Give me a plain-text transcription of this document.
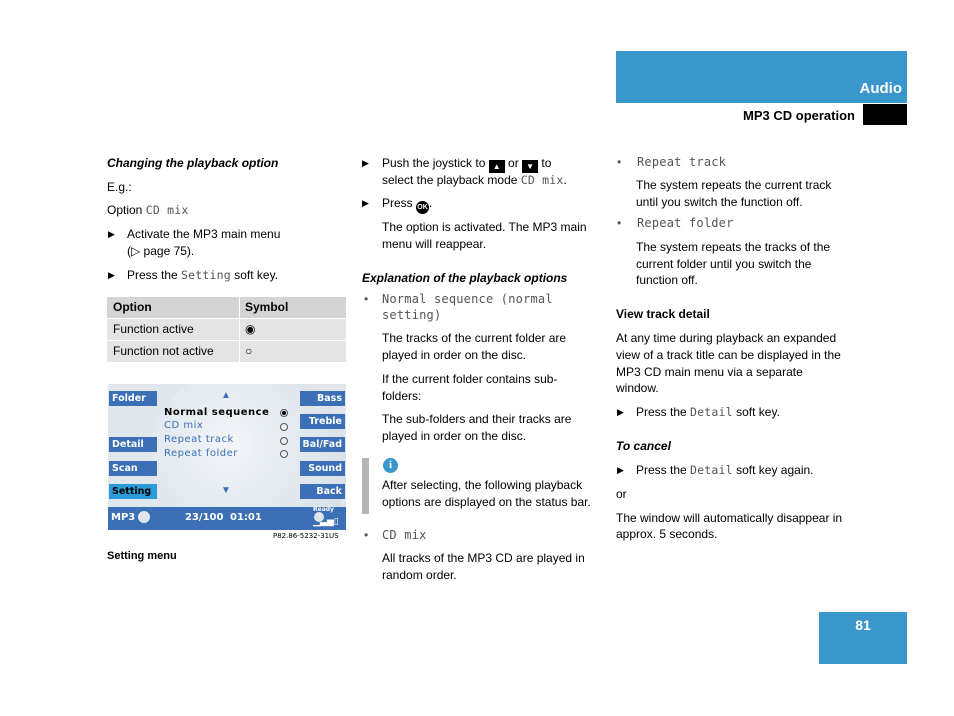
Audio
MP3 CD operation
Changing the playback option
E.g.:
Option CD mix
▶ Activate the MP3 main menu
(▷ page 75).
▶ Press the Setting soft key.
Option	Symbol
Function active	◉
Function not active	○
Folder
Detail
Scan
Setting
Bass
Treble
Bal/Fad
Sound
Back
▲
▼
Normal sequence
CD mix
Repeat track
Repeat folder
MP3	23/100 01:01
Ready
▁▃▅▯
P82.86-5232-31US
Setting menu
▶ Push the joystick to ▲ or ▼ to
select the playback mode CD mix.
▶ Press OK.
The option is activated. The MP3 main
menu will reappear.
Explanation of the playback options
• Normal sequence (normal
setting)
The tracks of the current folder are
played in order on the disc.
If the current folder contains sub-
folders:
The sub-folders and their tracks are
played in order on the disc.
i
After selecting, the following playback
options are displayed on the status bar.
• CD mix
All tracks of the MP3 CD are played in
random order.
• Repeat track
The system repeats the current track
until you switch the function off.
• Repeat folder
The system repeats the tracks of the
current folder until you switch the
function off.
View track detail
At any time during playback an expanded
view of a track title can be displayed in the
MP3 CD main menu via a separate
window.
▶ Press the Detail soft key.
To cancel
▶ Press the Detail soft key again.
or
The window will automatically disappear in
approx. 5 seconds.
81
